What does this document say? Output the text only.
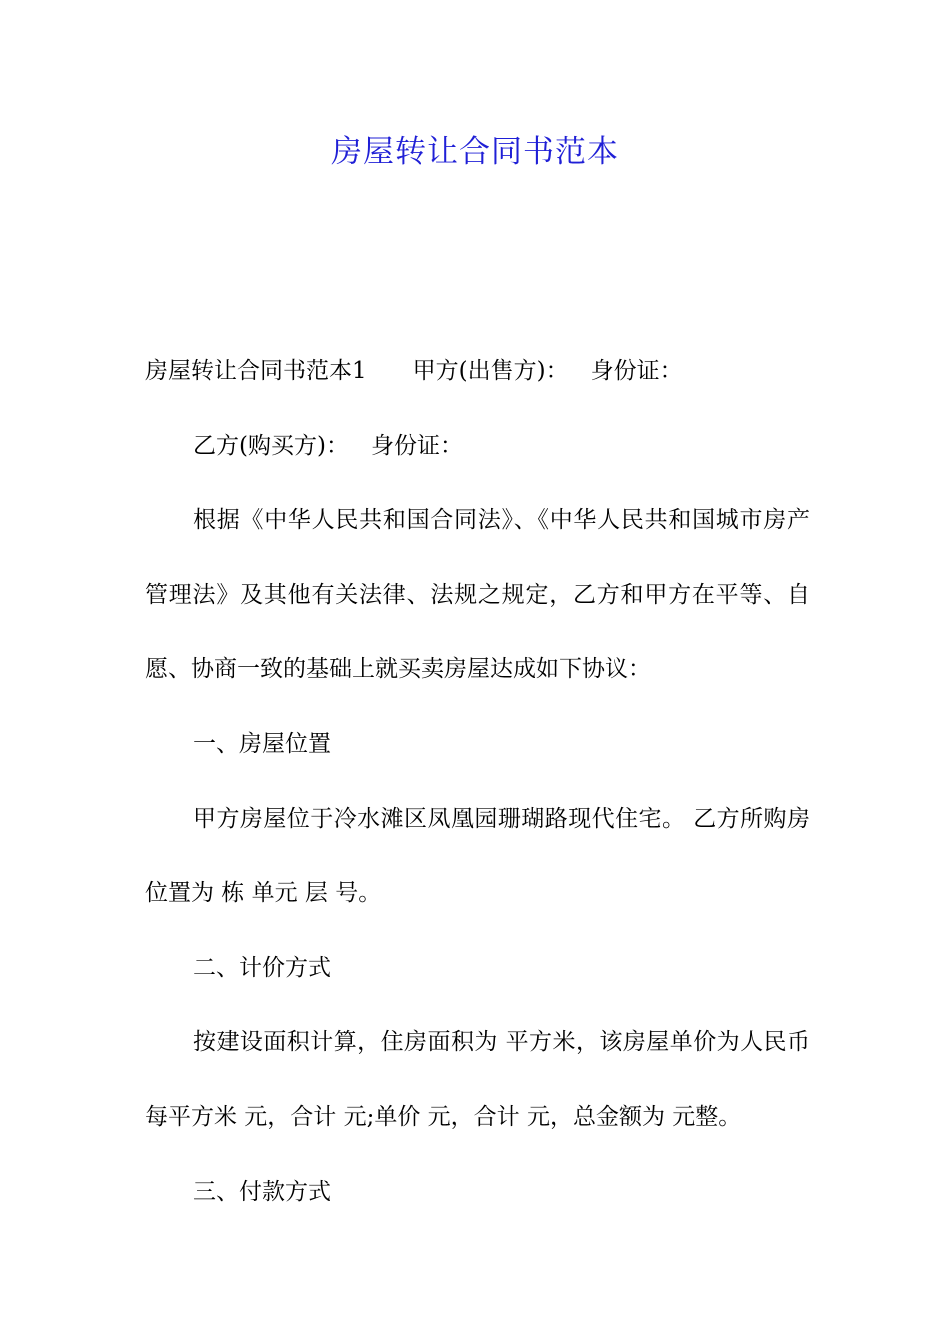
房屋转让合同书范本

房屋转让合同书范本1 甲方(出售方)： 身份证：

乙方(购买方)： 身份证：

根据《中华人民共和国合同法》、《中华人民共和国城市房产管理法》及其他有关法律、法规之规定，乙方和甲方在平等、自愿、协商一致的基础上就买卖房屋达成如下协议：

一、房屋位置

甲方房屋位于冷水滩区凤凰园珊瑚路现代住宅。 乙方所购房位置为 栋 单元 层 号。

二、计价方式

按建设面积计算，住房面积为 平方米，该房屋单价为人民币每平方米 元，合计 元;单价 元，合计 元，总金额为 元整。

三、付款方式
